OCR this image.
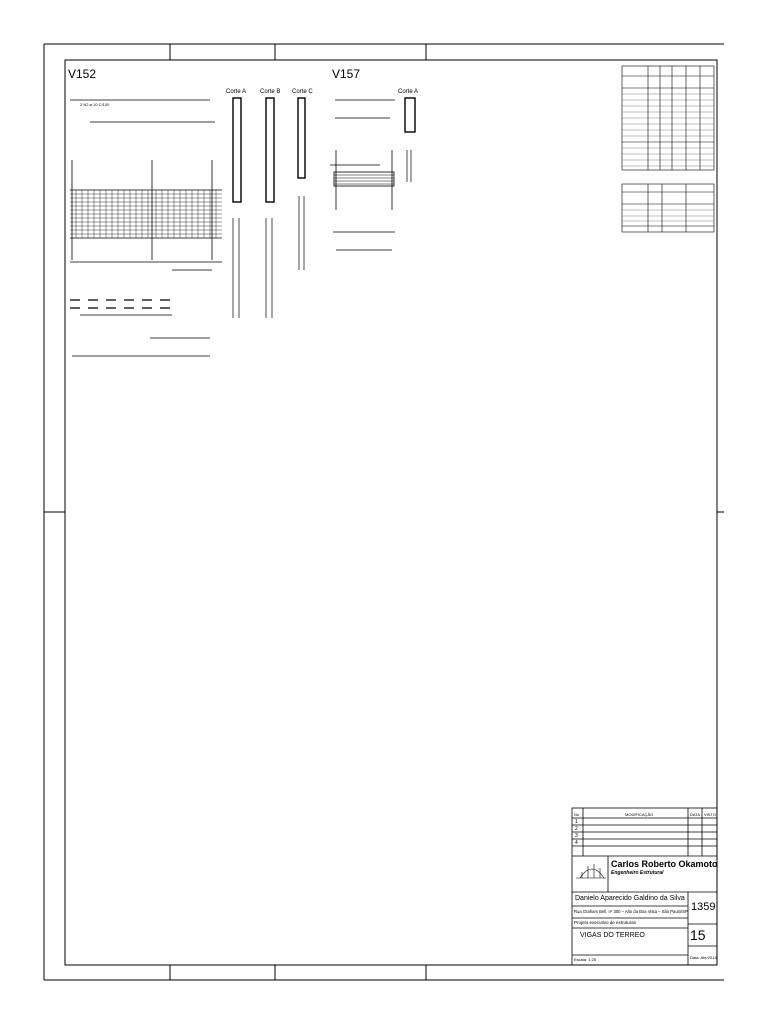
V152
2 N2 ø 10 C/100
Corte A Corte B Corte C	Corte A
V157
No	MODIFICAÇÃO	DATA VISTO
1
2
3
4
Carlos Roberto Okamoto
Engenheiro Estrutural
Danielo Aparecido Galdino da Silva
1359
Rua Graham Bell, nº 300 – Alto da Boa Vista – São Paulo/SP
Projeto executivo de estruturas
VIGAS DO TERREO	15
Escala: 1:25	Data: Abr/2014
